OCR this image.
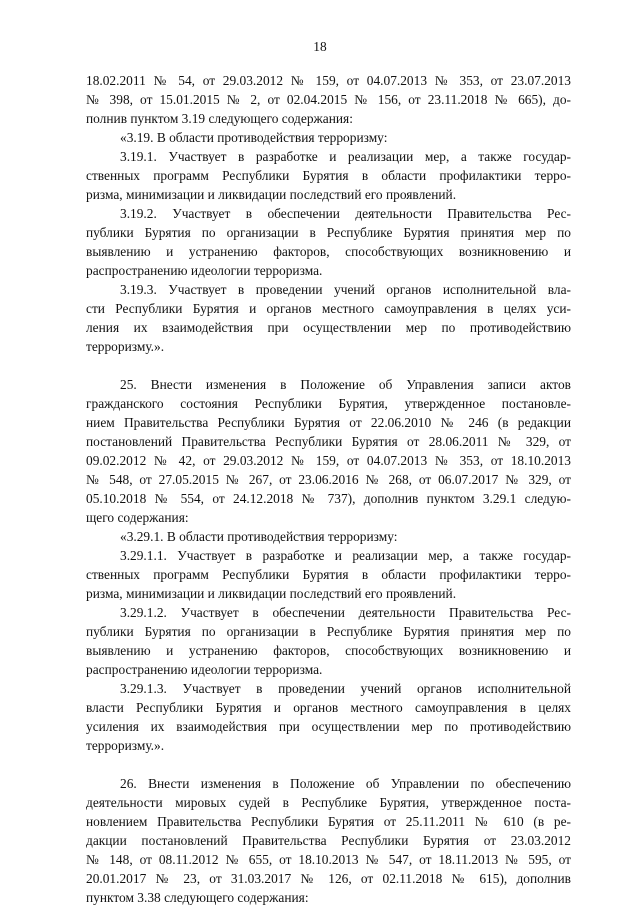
18
18.02.2011 № 54, от 29.03.2012 № 159, от 04.07.2013 № 353, от 23.07.2013
№ 398, от 15.01.2015 № 2, от 02.04.2015 № 156, от 23.11.2018 № 665), до-
полнив пунктом 3.19 следующего содержания:
«3.19. В области противодействия терроризму:
3.19.1. Участвует в разработке и реализации мер, а также государ-
ственных программ Республики Бурятия в области профилактики терро-
ризма, минимизации и ликвидации последствий его проявлений.
3.19.2. Участвует в обеспечении деятельности Правительства Рес-
публики Бурятия по организации в Республике Бурятия принятия мер по
выявлению и устранению факторов, способствующих возникновению и
распространению идеологии терроризма.
3.19.3. Участвует в проведении учений органов исполнительной вла-
сти Республики Бурятия и органов местного самоуправления в целях уси-
ления их взаимодействия при осуществлении мер по противодействию
терроризму.».
25. Внести изменения в Положение об Управления записи актов
гражданского состояния Республики Бурятия, утвержденное постановле-
нием Правительства Республики Бурятия от 22.06.2010 № 246 (в редакции
постановлений Правительства Республики Бурятия от 28.06.2011 № 329, от
09.02.2012 № 42, от 29.03.2012 № 159, от 04.07.2013 № 353, от 18.10.2013
№ 548, от 27.05.2015 № 267, от 23.06.2016 № 268, от 06.07.2017 № 329, от
05.10.2018 № 554, от 24.12.2018 № 737), дополнив пунктом 3.29.1 следую-
щего содержания:
«3.29.1. В области противодействия терроризму:
3.29.1.1. Участвует в разработке и реализации мер, а также государ-
ственных программ Республики Бурятия в области профилактики терро-
ризма, минимизации и ликвидации последствий его проявлений.
3.29.1.2. Участвует в обеспечении деятельности Правительства Рес-
публики Бурятия по организации в Республике Бурятия принятия мер по
выявлению и устранению факторов, способствующих возникновению и
распространению идеологии терроризма.
3.29.1.3. Участвует в проведении учений органов исполнительной
власти Республики Бурятия и органов местного самоуправления в целях
усиления их взаимодействия при осуществлении мер по противодействию
терроризму.».
26. Внести изменения в Положение об Управлении по обеспечению
деятельности мировых судей в Республике Бурятия, утвержденное поста-
новлением Правительства Республики Бурятия от 25.11.2011 № 610 (в ре-
дакции постановлений Правительства Республики Бурятия от 23.03.2012
№ 148, от 08.11.2012 № 655, от 18.10.2013 № 547, от 18.11.2013 № 595, от
20.01.2017 № 23, от 31.03.2017 № 126, от 02.11.2018 № 615), дополнив
пунктом 3.38 следующего содержания:
